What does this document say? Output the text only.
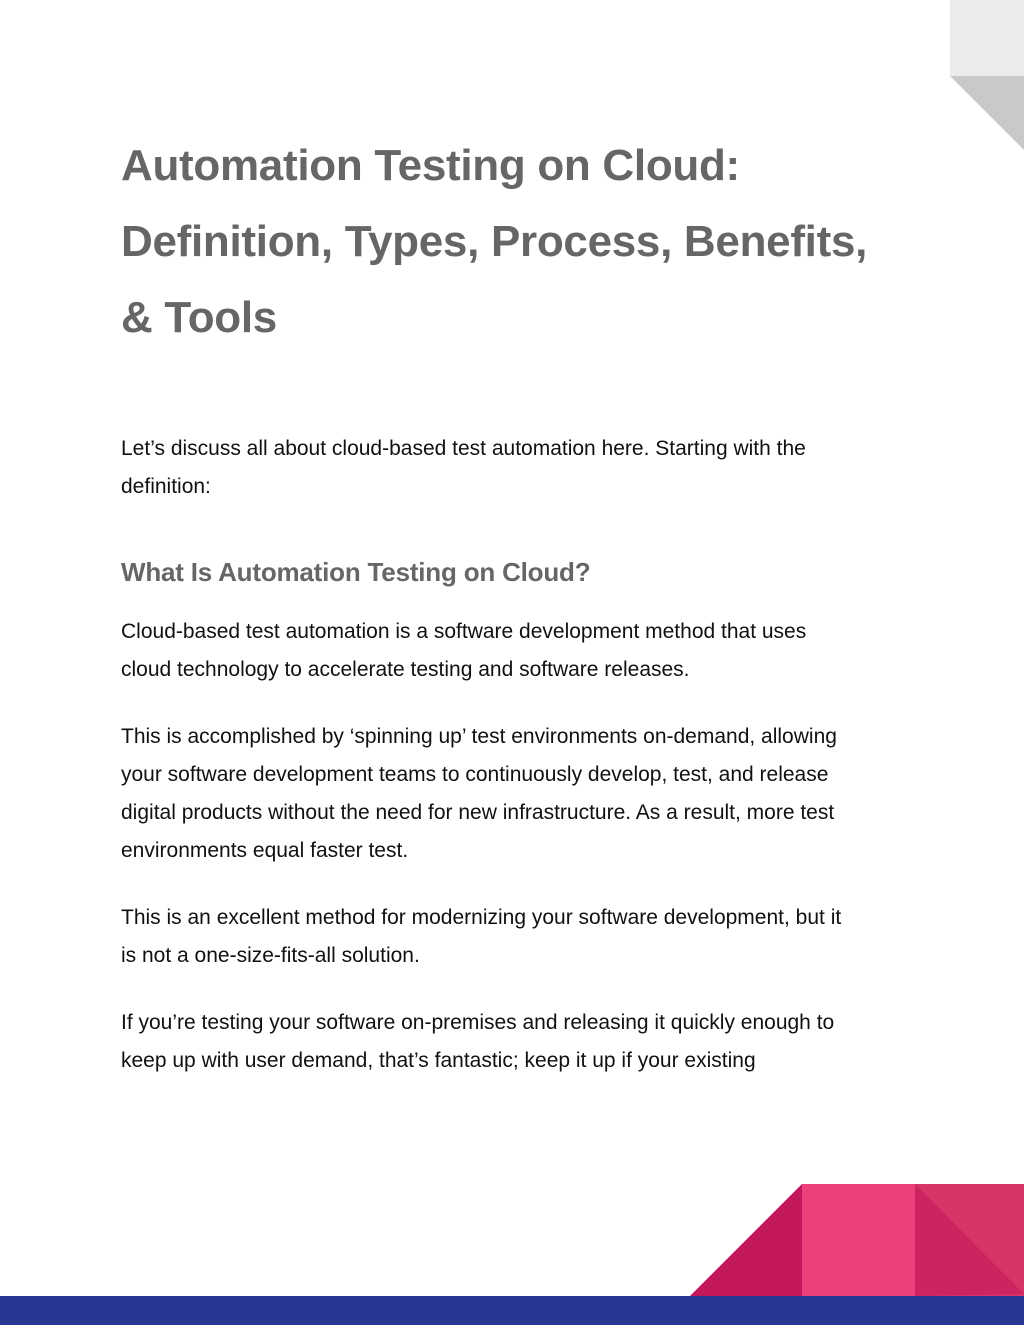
Automation Testing on Cloud:
Definition, Types, Process, Benefits,
& Tools

Let’s discuss all about cloud-based test automation here. Starting with the
definition:

What Is Automation Testing on Cloud?

Cloud-based test automation is a software development method that uses
cloud technology to accelerate testing and software releases.

This is accomplished by ‘spinning up’ test environments on-demand, allowing
your software development teams to continuously develop, test, and release
digital products without the need for new infrastructure. As a result, more test
environments equal faster test.

This is an excellent method for modernizing your software development, but it
is not a one-size-fits-all solution.

If you’re testing your software on-premises and releasing it quickly enough to
keep up with user demand, that’s fantastic; keep it up if your existing
